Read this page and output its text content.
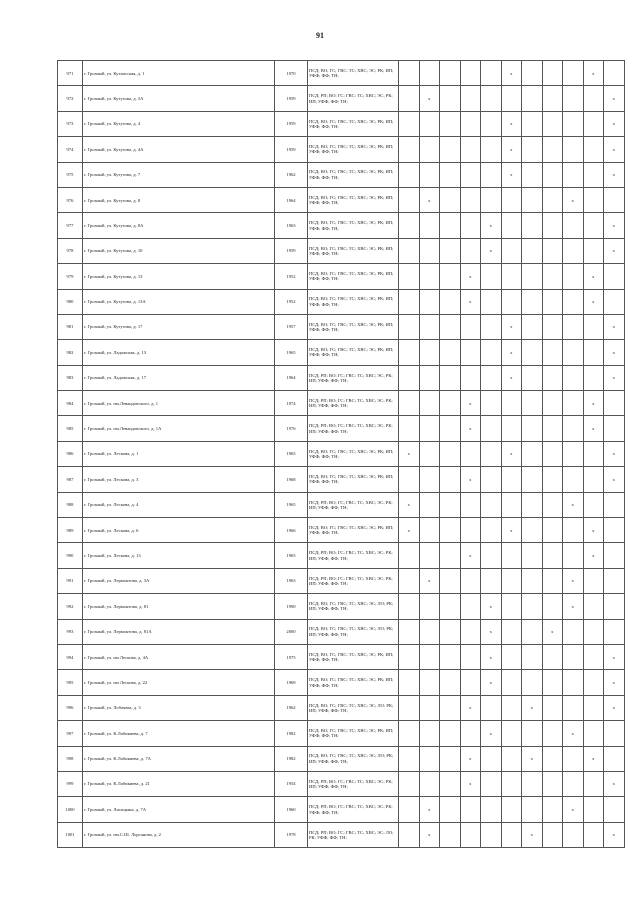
91
971	г. Грозный, ул. Кутаисская, д. 1	1970	ПСД; ВО; ГС; ГВС; ТС; ХВС; ЭС; РК; ИП; УФФ; ФФ; ТН;						x				x	
972	г. Грозный, ул. Кутузова, д. 3А	1959	ПСД; РП; ВО; ГС; ГВС; ТС; ХВС; ЭС; РК; ИП; УФФ; ФФ; ТН;		x									x
973	г. Грозный, ул. Кутузова, д. 4	1959	ПСД; ВО; ГС; ГВС; ТС; ХВС; ЭС; РК; ИП; УФФ; ФФ; ТН;						x					x
974	г. Грозный, ул. Кутузова, д. 4А	1959	ПСД; ВО; ГС; ГВС; ТС; ХВС; ЭС; РК; ИП; УФФ; ФФ; ТН;						x					x
975	г. Грозный, ул. Кутузова, д. 7	1962	ПСД; ВО; ГС; ГВС; ТС; ХВС; ЭС; РК; ИП; УФФ; ФФ; ТН;						x					x
976	г. Грозный, ул. Кутузова, д. 8	1964	ПСД; ВО; ГС; ГВС; ТС; ХВС; ЭС; РК; ИП; УФФ; ФФ; ТН;		x							x		
977	г. Грозный, ул. Кутузова, д. 8А	1963	ПСД; ВО; ГС; ГВС; ТС; ХВС; ЭС; РК; ИП; УФФ; ФФ; ТН;					x						x
978	г. Грозный, ул. Кутузова, д. 10	1959	ПСД; ВО; ГС; ГВС; ТС; ХВС; ЭС; РК; ИП; УФФ; ФФ; ТН;					x						x
979	г. Грозный, ул. Кутузова, д. 13	1952	ПСД; ВО; ГС; ГВС; ТС; ХВС; ЭС; РК; ИП; УФФ; ФФ; ТН;				x						x	
980	г. Грозный, ул. Кутузова, д. 13А	1952	ПСД; ВО; ГС; ГВС; ТС; ХВС; ЭС; РК; ИП; УФФ; ФФ; ТН;				x						x	
981	г. Грозный, ул. Кутузова, д. 17	1957	ПСД; ВО; ГС; ГВС; ТС; ХВС; ЭС; РК; ИП; УФФ; ФФ; ТН;						x					x
982	г. Грозный, ул. Ладожская, д. 13	1965	ПСД; ВО; ГС; ГВС; ТС; ХВС; ЭС; РК; ИП; УФФ; ФФ; ТН;						x					x
983	г. Грозный, ул. Ладожская, д. 17	1964	ПСД; РП; ВО; ГС; ГВС; ТС; ХВС; ЭС; РК; ИП; УФФ; ФФ; ТН;						x					x
984	г. Грозный, ул. им.Левандовского, д. 1	1974	ПСД; РП; ВО; ГС; ГВС; ТС; ХВС; ЭС; РК; ИП; УФФ; ФФ; ТН;				x						x	
985	г. Грозный, ул. им.Левандовского, д. 1А	1976	ПСД; РП; ВО; ГС; ГВС; ТС; ХВС; ЭС; РК; ИП; УФФ; ФФ; ТН;				x						x	
986	г. Грозный, ул. Лескова, д. 1	1965	ПСД; ВО; ГС; ГВС; ТС; ХВС; ЭС; РК; ИП; УФФ; ФФ; ТН;	x					x					x
987	г. Грозный, ул. Лескова, д. 3	1968	ПСД; ВО; ГС; ГВС; ТС; ХВС; ЭС; РК; ИП; УФФ; ФФ; ТН;				x							x
988	г. Грозный, ул. Лескова, д. 4	1965	ПСД; РП; ВО; ГС; ГВС; ТС; ХВС; ЭС; РК; ИП; УФФ; ФФ; ТН;	x								x		
989	г. Грозный, ул. Лескова, д. 6	1966	ПСД; ВО; ГС; ГВС; ТС; ХВС; ЭС; РК; ИП; УФФ; ФФ; ТН;	x					x				x	
990	г. Грозный, ул. Лескова, д. 13	1965	ПСД; РП; ВО; ГС; ГВС; ТС; ХВС; ЭС; РК; ИП; УФФ; ФФ; ТН;				x						x	
991	г. Грозный, ул. Лермонтова, д. 3А	1963	ПСД; РП; ВО; ГС; ГВС; ТС; ХВС; ЭС; РК; ИП; УФФ; ФФ; ТН;		x							x		
992	г. Грозный, ул. Лермонтова, д. 81	1990	ПСД; ВО; ГС; ГВС; ТС; ХВС; ЭС; ЛО; РК; ИП; УФФ; ФФ; ТН;					x				x		
993	г. Грозный, ул. Лермонтова, д. 81А	2000	ПСД; ВО; ГС; ГВС; ТС; ХВС; ЭС; ЛО; РК; ИП; УФФ; ФФ; ТН;					x			x			
994	г. Грозный, ул. им Лескова, д. 4А	1975	ПСД; ВО; ГС; ГВС; ТС; ХВС; ЭС; РК; ИП; УФФ; ФФ; ТН;					x						x
995	г. Грозный, ул. им Лескова, д. 22	1969	ПСД; ВО; ГС; ГВС; ТС; ХВС; ЭС; РК; ИП; УФФ; ФФ; ТН;					x						x
996	г. Грозный, ул. Лобачева, д. 3	1962	ПСД; ВО; ГС; ГВС; ТС; ХВС; ЭС; ЛО; РК; ИП; УФФ; ФФ; ТН;				x			x				x
997	г. Грозный, ул. К.Лабикиева, д. 7	1982	ПСД; ВО; ГС; ГВС; ТС; ХВС; ЭС; РК; ИП; УФФ; ФФ; ТН;					x				x		
998	г. Грозный, ул. К.Лабикиева, д. 7А	1982	ПСД; ВО; ГС; ГВС; ТС; ХВС; ЭС; ЛО; РК; ИП; УФФ; ФФ; ТН;				x			x			x	
999	г. Грозный, ул. К.Лабикиева, д. 21	1954	ПСД; РП; ВО; ГС; ГВС; ТС; ХВС; ЭС; РК; ИП; УФФ; ФФ; ТН;				x							x
1000	г. Грозный, ул. Лисицына, д. 7А	1960	ПСД; РП; ВО; ГС; ГВС; ТС; ХВС; ЭС; РК; УФФ; ФФ; ТН;		x							x		
1001	г. Грозный, ул. им.С.Ш. Лорсанова, д. 2	1978	ПСД; РП; ВО; ГС; ГВС; ТС; ХВС; ЭС; ЛО; РК; УФФ; ФФ; ТН;		x					x				x
